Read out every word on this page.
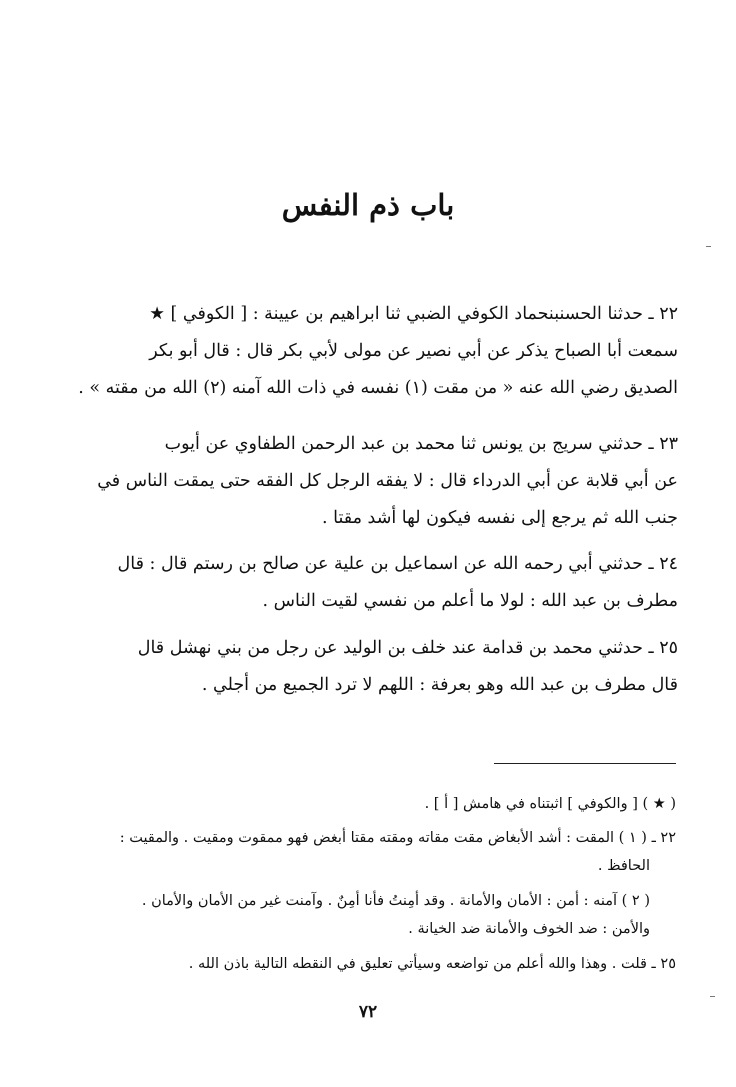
باب ذم النفس
٢٢ ـ حدثنا الحسنبنحماد الكوفي الضبي ثنا ابراهيم بن عيينة : [ الكوفي ] ★
سمعت أبا الصباح يذكر عن أبي نصير عن مولى لأبي بكر قال : قال أبو بكر
الصديق رضي الله عنه « من مقت (١) نفسه في ذات الله آمنه (٢) الله من مقته » .
٢٣ ـ حدثني سريج بن يونس ثنا محمد بن عبد الرحمن الطفاوي عن أيوب
عن أبي قلابة عن أبي الدرداء قال : لا يفقه الرجل كل الفقه حتى يمقت الناس في
جنب الله ثم يرجع إلى نفسه فيكون لها أشد مقتا .
٢٤ ـ حدثني أبي رحمه الله عن اسماعيل بن علية عن صالح بن رستم قال : قال
مطرف بن عبد الله : لولا ما أعلم من نفسي لقيت الناس .
٢٥ ـ حدثني محمد بن قدامة عند خلف بن الوليد عن رجل من بني نهشل قال
قال مطرف بن عبد الله وهو بعرفة : اللهم لا ترد الجميع من أجلي .
( ★ ) [ والكوفي ] اثبتناه في هامش [ أ ] .
٢٢ ـ ( ١ ) المقت : أشد الأبغاض مقت مقاته ومقته مقتا أبغض فهو ممقوت ومقيت . والمقيت :
الحافظ .
( ٢ ) آمنه : أمن : الأمان والأمانة . وقد أمِنتُ فأنا أمِنٌ . وآمنت غير من الأمان والأمان .
والأمن : ضد الخوف والأمانة ضد الخيانة .
٢٥ ـ قلت . وهذا والله أعلم من تواضعه وسيأتي تعليق في النقطه التالية باذن الله .
٧٢
